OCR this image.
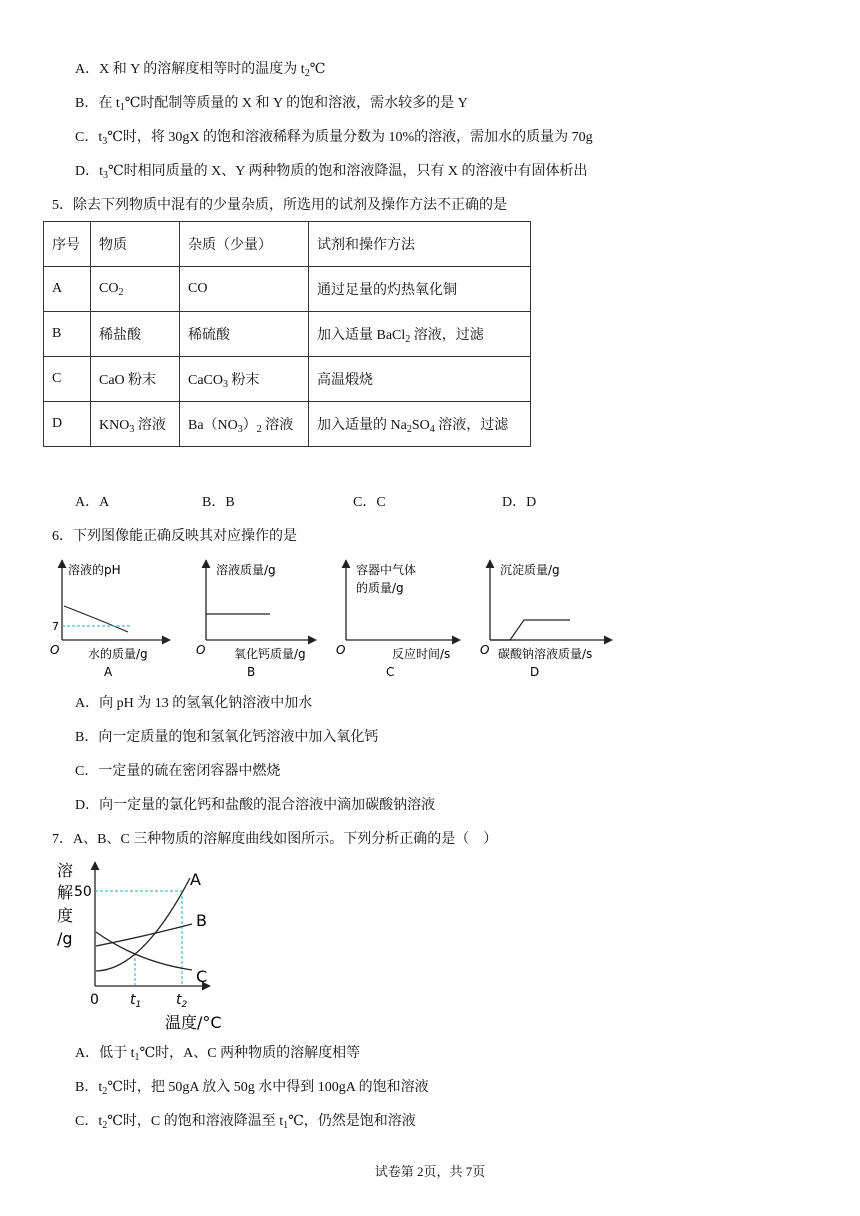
A．X 和 Y 的溶解度相等时的温度为 $t_2℃$
B．在 $t_1℃$时配制等质量的 X 和 Y 的饱和溶液，需水较多的是 Y
C．$t_3℃$时，将 30gX 的饱和溶液稀释为质量分数为 10%的溶液，需加水的质量为 70g
D．$t_3℃$时相同质量的 X、Y 两种物质的饱和溶液降温，只有 X 的溶液中有固体析出
5．除去下列物质中混有的少量杂质，所选用的试剂及操作方法不正确的是
序号	物质	杂质（少量）	试剂和操作方法
A	$CO_2$	CO	通过足量的灼热氧化铜
B	稀盐酸	稀硫酸	加入适量 BaCl$_2$ 溶液，过滤
C	CaO 粉末	CaCO$_3$ 粉末	高温煅烧
D	$KNO_3$ 溶液	$Ba(NO_3)_2$ 溶液	加入适量的 $Na_2SO_4$ 溶液，过滤
A．A	B．B	C．C	D．D
6．下列图像能正确反映其对应操作的是
溶液的pH
7
O 水的质量/g
A
溶液质量/g
O 氧化钙质量/g
B
容器中气体
的质量/g
O	反应时间/s
C
沉淀质量/g
O 碳酸钠溶液质量/s
D
A．向 pH 为 13 的氢氧化钠溶液中加水
B．向一定质量的饱和氢氧化钙溶液中加入氧化钙
C．一定量的硫在密闭容器中燃烧
D．向一定量的氯化钙和盐酸的混合溶液中滴加碳酸钠溶液
7．A、B、C 三种物质的溶解度曲线如图所示。下列分析正确的是（　）
溶
解
度
/g
50
0 $t_1$ $t_2$
温度/°C
A
B
C
A．低于 $t_1℃$时，A、C 两种物质的溶解度相等
B．$t_2℃$时，把 50gA 放入 50g 水中得到 100gA 的饱和溶液
C．$t_2℃$时，C 的饱和溶液降温至 $t_1℃$，仍然是饱和溶液
试卷第 2页，共 7页
